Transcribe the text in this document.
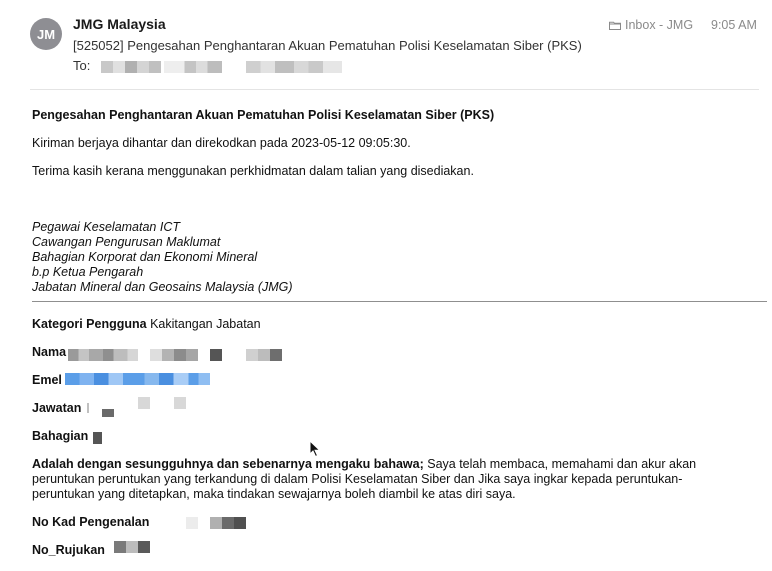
JM
JMG Malaysia
[525052] Pengesahan Penghantaran Akuan Pematuhan Polisi Keselamatan Siber (PKS)
To:
Inbox - JMG 9:05 AM
Pengesahan Penghantaran Akuan Pematuhan Polisi Keselamatan Siber (PKS)
Kiriman berjaya dihantar dan direkodkan pada 2023-05-12 09:05:30.
Terima kasih kerana menggunakan perkhidmatan dalam talian yang disediakan.
Pegawai Keselamatan ICT
Cawangan Pengurusan Maklumat
Bahagian Korporat dan Ekonomi Mineral
b.p Ketua Pengarah
Jabatan Mineral dan Geosains Malaysia (JMG)
Kategori Pengguna Kakitangan Jabatan
Nama
Emel
Jawatan
Bahagian
Adalah dengan sesungguhnya dan sebenarnya mengaku bahawa; Saya telah membaca, memahami dan akur akan peruntukan peruntukan yang terkandung di dalam Polisi Keselamatan Siber dan Jika saya ingkar kepada peruntukan-peruntukan yang ditetapkan, maka tindakan sewajarnya boleh diambil ke atas diri saya.
No Kad Pengenalan
No_Rujukan
